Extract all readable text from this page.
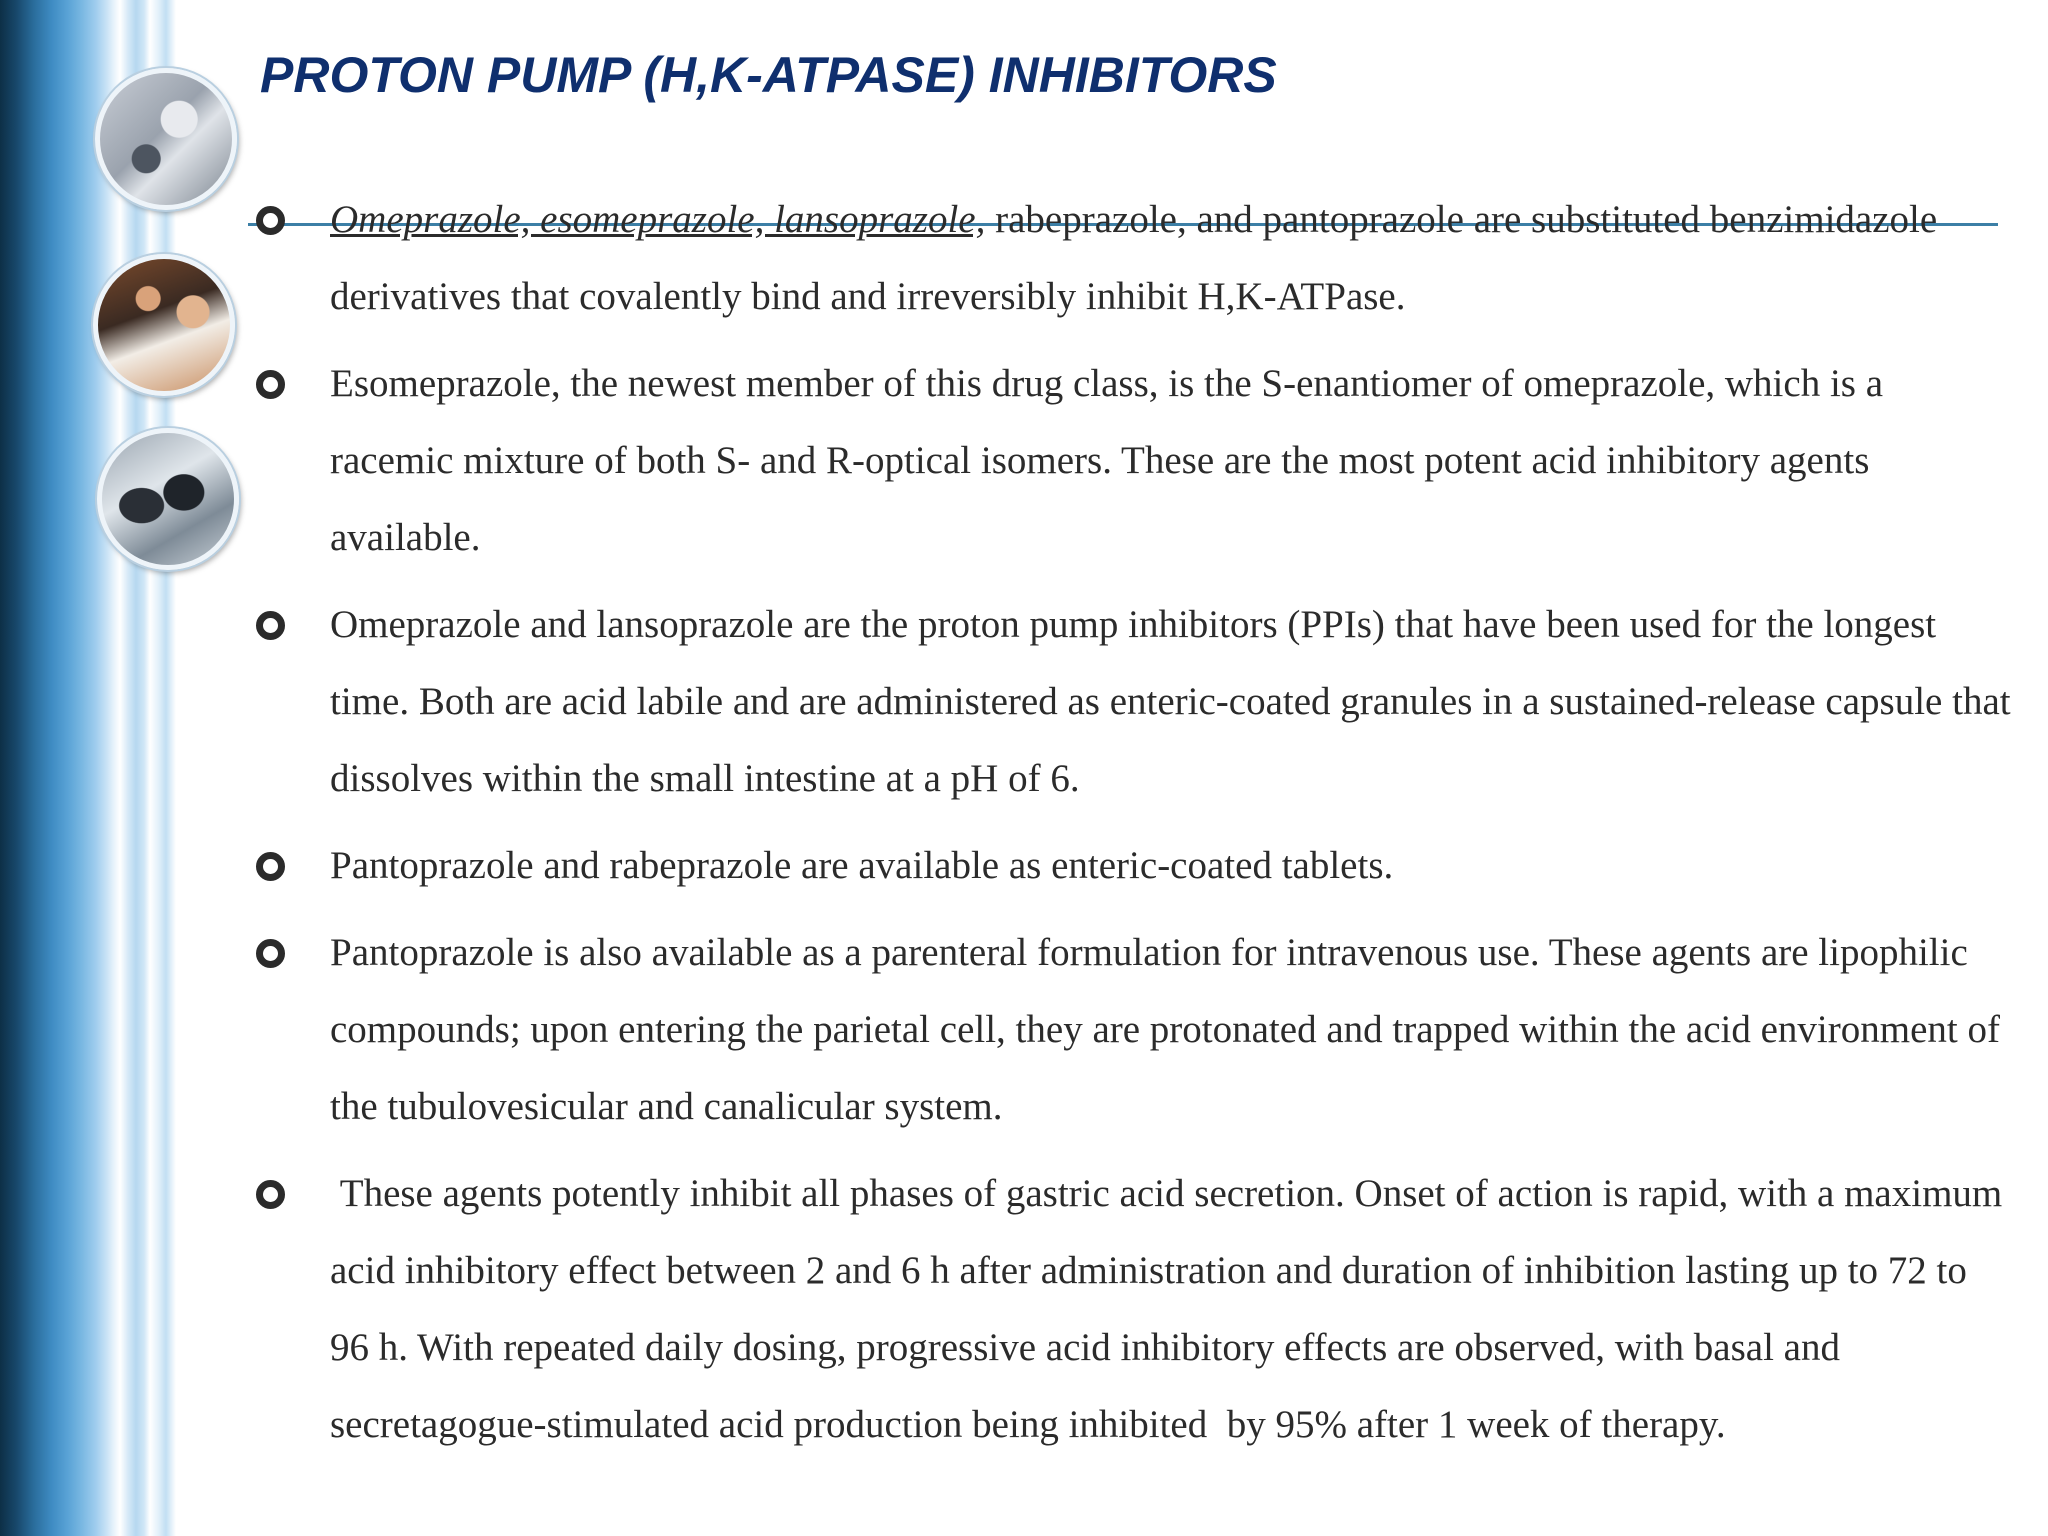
PROTON PUMP (H,K-ATPASE) INHIBITORS
Omeprazole, esomeprazole, lansoprazole, rabeprazole, and pantoprazole are substituted benzimidazole derivatives that covalently bind and irreversibly inhibit H,K-ATPase.
Esomeprazole, the newest member of this drug class, is the S-enantiomer of omeprazole, which is a racemic mixture of both S- and R-optical isomers. These are the most potent acid inhibitory agents available.
Omeprazole and lansoprazole are the proton pump inhibitors (PPIs) that have been used for the longest time. Both are acid labile and are administered as enteric-coated granules in a sustained-release capsule that dissolves within the small intestine at a pH of 6.
Pantoprazole and rabeprazole are available as enteric-coated tablets.
Pantoprazole is also available as a parenteral formulation for intravenous use. These agents are lipophilic compounds; upon entering the parietal cell, they are protonated and trapped within the acid environment of the tubulovesicular and canalicular system.
These agents potently inhibit all phases of gastric acid secretion. Onset of action is rapid, with a maximum acid inhibitory effect between 2 and 6 h after administration and duration of inhibition lasting up to 72 to 96 h. With repeated daily dosing, progressive acid inhibitory effects are observed, with basal and secretagogue-stimulated acid production being inhibited  by 95% after 1 week of therapy.
